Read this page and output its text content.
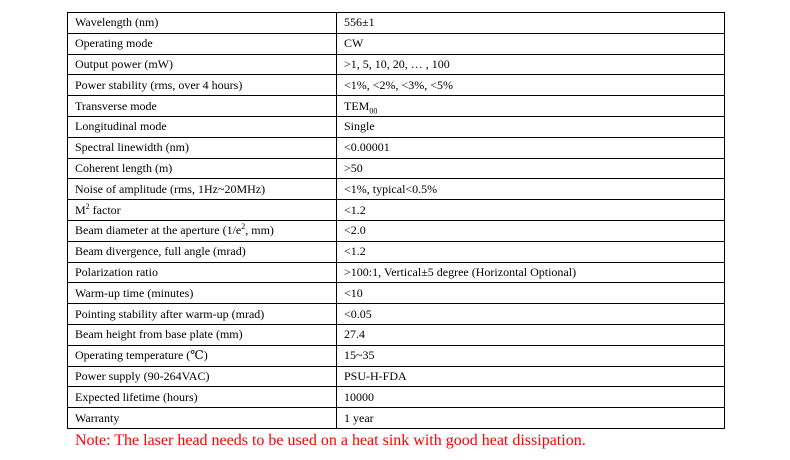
Wavelength (nm)	556±1
Operating mode	CW
Output power (mW)	>1, 5, 10, 20, … , 100
Power stability (rms, over 4 hours)	<1%, <2%, <3%, <5%
Transverse mode	$TEM_{00}$
Longitudinal mode	Single
Spectral linewidth (nm)	<0.00001
Coherent length (m)	>50
Noise of amplitude (rms, 1Hz~20MHz)	<1%, typical<0.5%
$M^2$ factor	<1.2
Beam diameter at the aperture ($1/e^2$, mm)	<2.0
Beam divergence, full angle (mrad)	<1.2
Polarization ratio	>100:1, Vertical±5 degree (Horizontal Optional)
Warm-up time (minutes)	<10
Pointing stability after warm-up (mrad)	<0.05
Beam height from base plate (mm)	27.4
Operating temperature (℃)	15~35
Power supply (90-264VAC)	PSU-H-FDA
Expected lifetime (hours)	10000
Warranty	1 year
Note: The laser head needs to be used on a heat sink with good heat dissipation.
